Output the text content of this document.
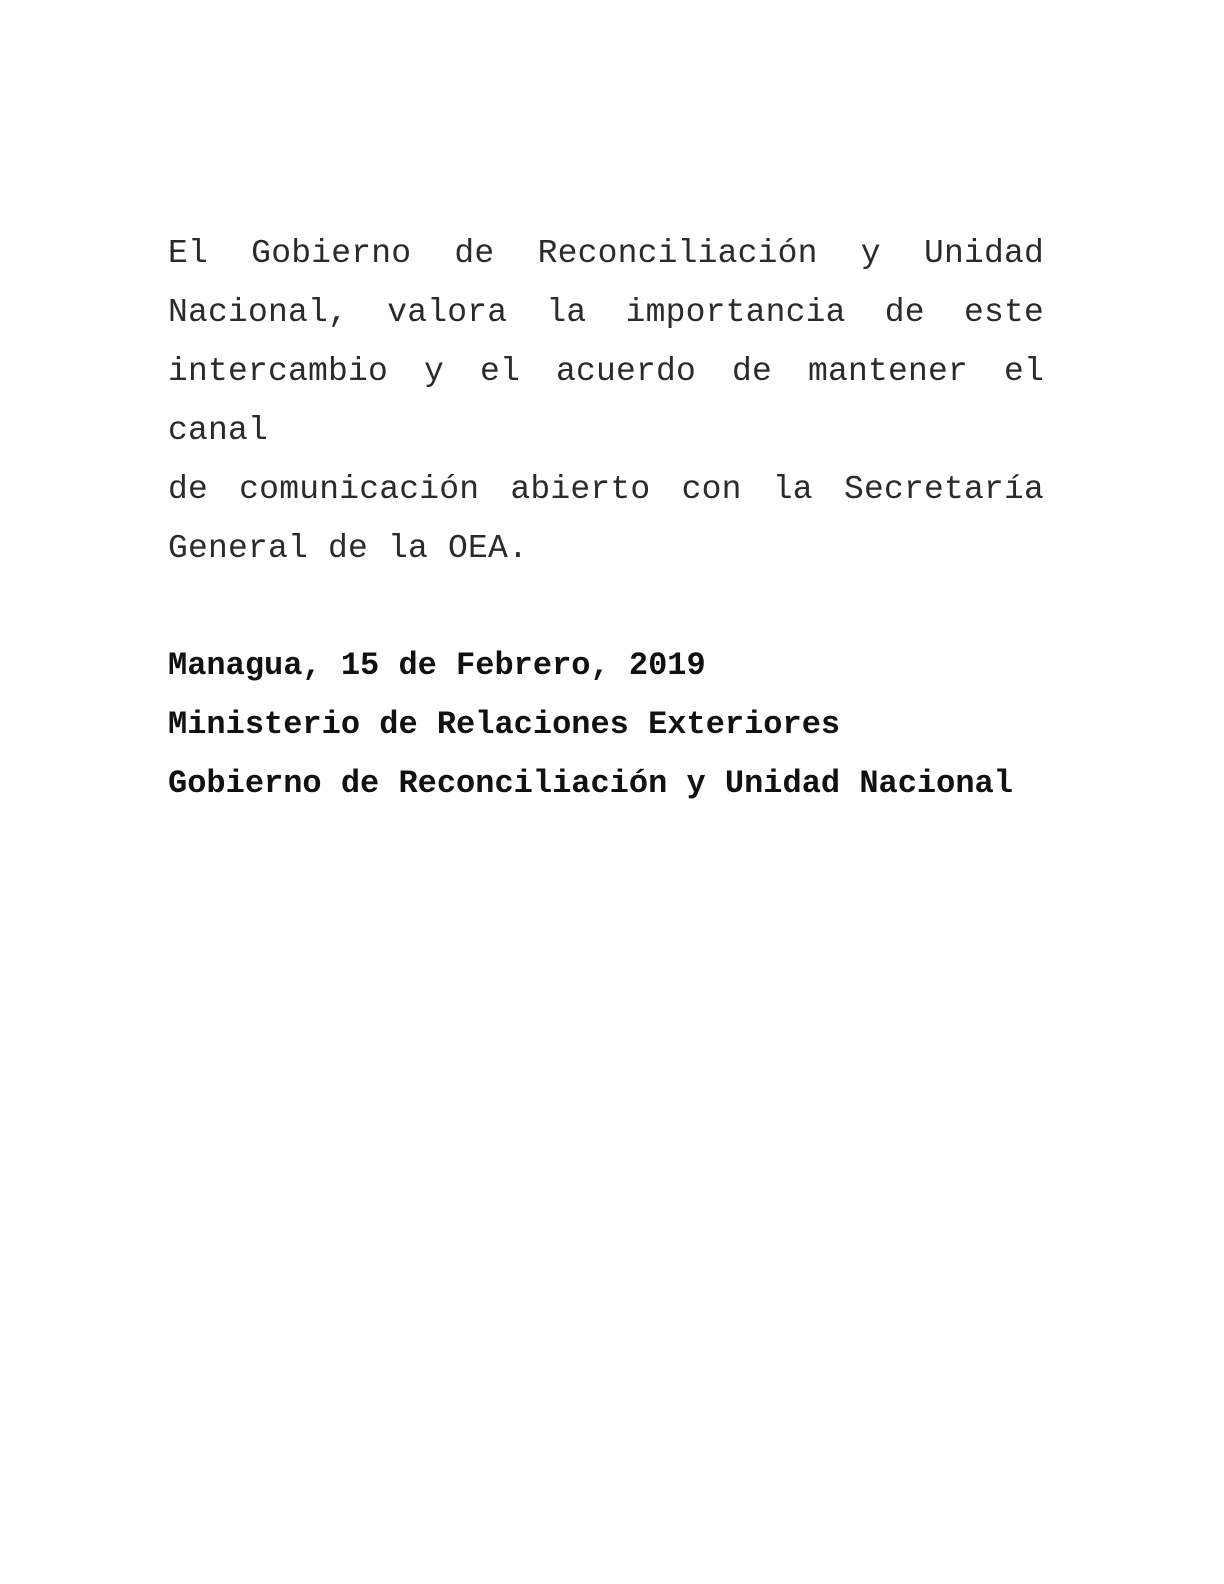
El Gobierno de Reconciliación y Unidad
Nacional, valora la importancia de este
intercambio y el acuerdo de mantener el canal
de comunicación abierto con la Secretaría
General de la OEA.
Managua, 15 de Febrero, 2019
Ministerio de Relaciones Exteriores
Gobierno de Reconciliación y Unidad Nacional
